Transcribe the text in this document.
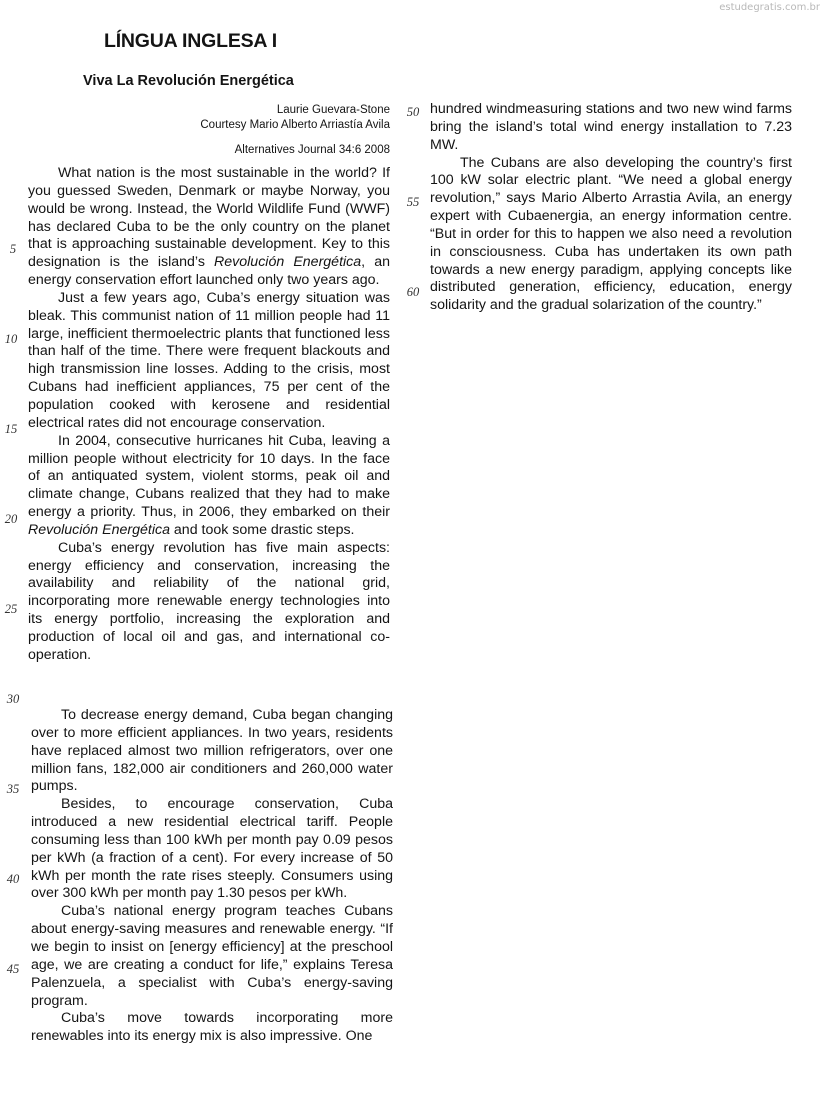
estudegratis.com.br
LÍNGUA INGLESA I
Viva La Revolución Energética
Laurie Guevara-Stone
Courtesy Mario Alberto Arriastía Avila
Alternatives Journal 34:6 2008

What nation is the most sustainable in the world? If you guessed Sweden, Denmark or maybe Norway, you would be wrong. Instead, the World Wildlife Fund (WWF) has declared Cuba to be the only country on the planet that is approaching sustainable development. Key to this designation is the island’s Revolución Energética, an energy conservation effort launched only two years ago.

Just a few years ago, Cuba’s energy situation was bleak. This communist nation of 11 million people had 11 large, inefficient thermoelectric plants that functioned less than half of the time. There were frequent blackouts and high transmission line losses. Adding to the crisis, most Cubans had inefficient appliances, 75 per cent of the population cooked with kerosene and residential electrical rates did not encourage conservation.

In 2004, consecutive hurricanes hit Cuba, leaving a million people without electricity for 10 days. In the face of an antiquated system, violent storms, peak oil and climate change, Cubans realized that they had to make energy a priority. Thus, in 2006, they embarked on their Revolución Energética and took some drastic steps.

Cuba’s energy revolution has five main aspects: energy efficiency and conservation, increasing the availability and reliability of the national grid, incorporating more renewable energy technologies into its energy portfolio, increasing the exploration and production of local oil and gas, and international co-operation.

To decrease energy demand, Cuba began changing over to more efficient appliances. In two years, residents have replaced almost two million refrigerators, over one million fans, 182,000 air conditioners and 260,000 water pumps.

Besides, to encourage conservation, Cuba introduced a new residential electrical tariff. People consuming less than 100 kWh per month pay 0.09 pesos per kWh (a fraction of a cent). For every increase of 50 kWh per month the rate rises steeply. Consumers using over 300 kWh per month pay 1.30 pesos per kWh.

Cuba’s national energy program teaches Cubans about energy-saving measures and renewable energy. “If we begin to insist on [energy efficiency] at the preschool age, we are creating a conduct for life,” explains Teresa Palenzuela, a specialist with Cuba’s energy-saving program.

Cuba’s move towards incorporating more renewables into its energy mix is also impressive. One

hundred windmeasuring stations and two new wind farms bring the island’s total wind energy installation to 7.23 MW.

The Cubans are also developing the country’s first 100 kW solar electric plant. “We need a global energy revolution,” says Mario Alberto Arrastia Avila, an energy expert with Cubaenergia, an energy information centre. “But in order for this to happen we also need a revolution in consciousness. Cuba has undertaken its own path towards a new energy paradigm, applying concepts like distributed generation, efficiency, education, energy solidarity and the gradual solarization of the country.”

5
10
15
20
25
30
35
40
45
50
55
60
